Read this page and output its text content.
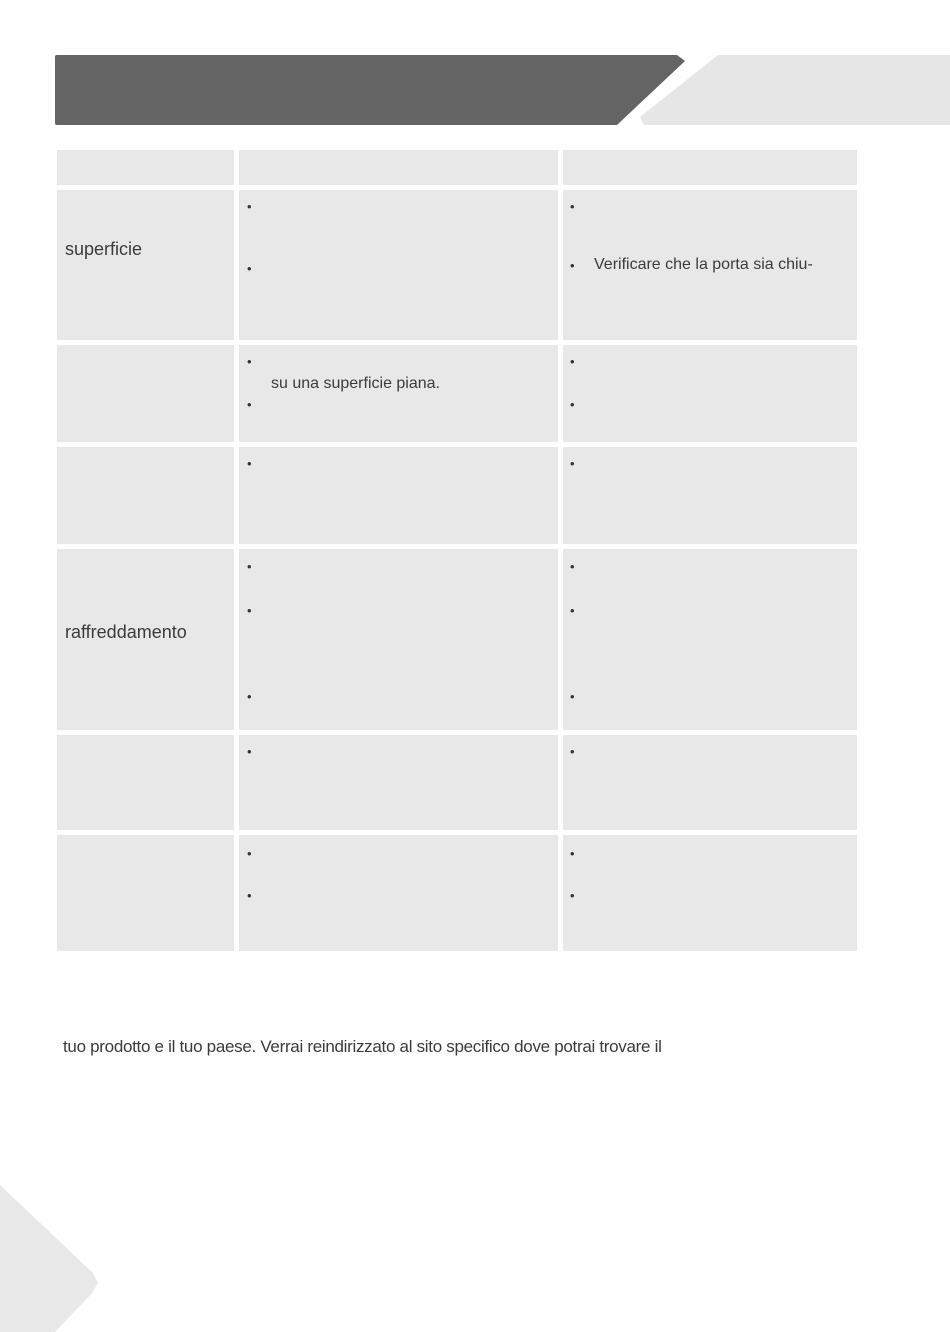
superficie
•
•
•
• Verificare che la porta sia chiu-
•
su una superficie piana.
•
•
•
•	•
raffreddamento
•
•
•
•
•
•
•	•
•
•
•
•
tuo prodotto e il tuo paese. Verrai reindirizzato al sito specifico dove potrai trovare il
